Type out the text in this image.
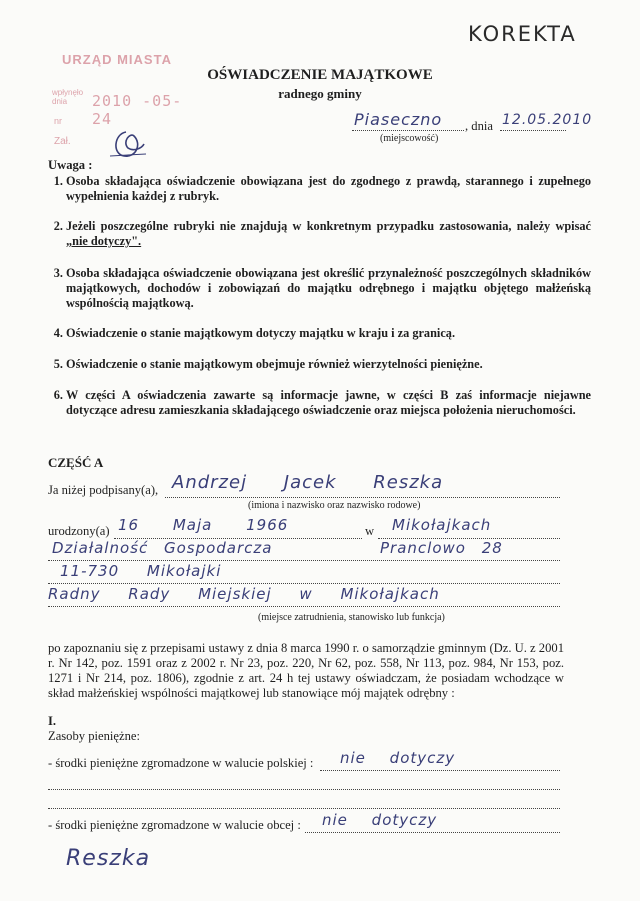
KOREKTA
URZĄD MIASTA
wpłynęło dnia	2010 -05- 24
nr
Zał.
OŚWIADCZENIE MAJĄTKOWE
radnego gminy
Piaseczno , dnia 12.05.2010
(miejscowość)
Uwaga :
1. Osoba składająca oświadczenie obowiązana jest do zgodnego z prawdą, starannego i zupełnego wypełnienia każdej z rubryk.
2. Jeżeli poszczególne rubryki nie znajdują w konkretnym przypadku zastosowania, należy wpisać „nie dotyczy".
3. Osoba składająca oświadczenie obowiązana jest określić przynależność poszczególnych składników majątkowych, dochodów i zobowiązań do majątku odrębnego i majątku objętego małżeńską wspólnością majątkową.
4. Oświadczenie o stanie majątkowym dotyczy majątku w kraju i za granicą.
5. Oświadczenie o stanie majątkowym obejmuje również wierzytelności pieniężne.
6. W części A oświadczenia zawarte są informacje jawne, w części B zaś informacje niejawne dotyczące adresu zamieszkania składającego oświadczenie oraz miejsca położenia nieruchomości.
CZĘŚĆ A
Ja niżej podpisany(a), Andrzej Jacek Reszka
(imiona i nazwisko oraz nazwisko rodowe)
urodzony(a) 16 Maja 1966	w Mikołajkach
Działalność Gospodarcza	Pranclowo 28
11-730 Mikołajki
Radny Rady Miejskiej w Mikołajkach
(miejsce zatrudnienia, stanowisko lub funkcja)
po zapoznaniu się z przepisami ustawy z dnia 8 marca 1990 r. o samorządzie gminnym (Dz. U. z 2001 r. Nr 142, poz. 1591 oraz z 2002 r. Nr 23, poz. 220, Nr 62, poz. 558, Nr 113, poz. 984, Nr 153, poz. 1271 i Nr 214, poz. 1806), zgodnie z art. 24 h tej ustawy oświadczam, że posiadam wchodzące w skład małżeńskiej wspólności majątkowej lub stanowiące mój majątek odrębny :
I.
Zasoby pieniężne:
- środki pieniężne zgromadzone w walucie polskiej : nie dotyczy
- środki pieniężne zgromadzone w walucie obcej : nie dotyczy
Reszka
